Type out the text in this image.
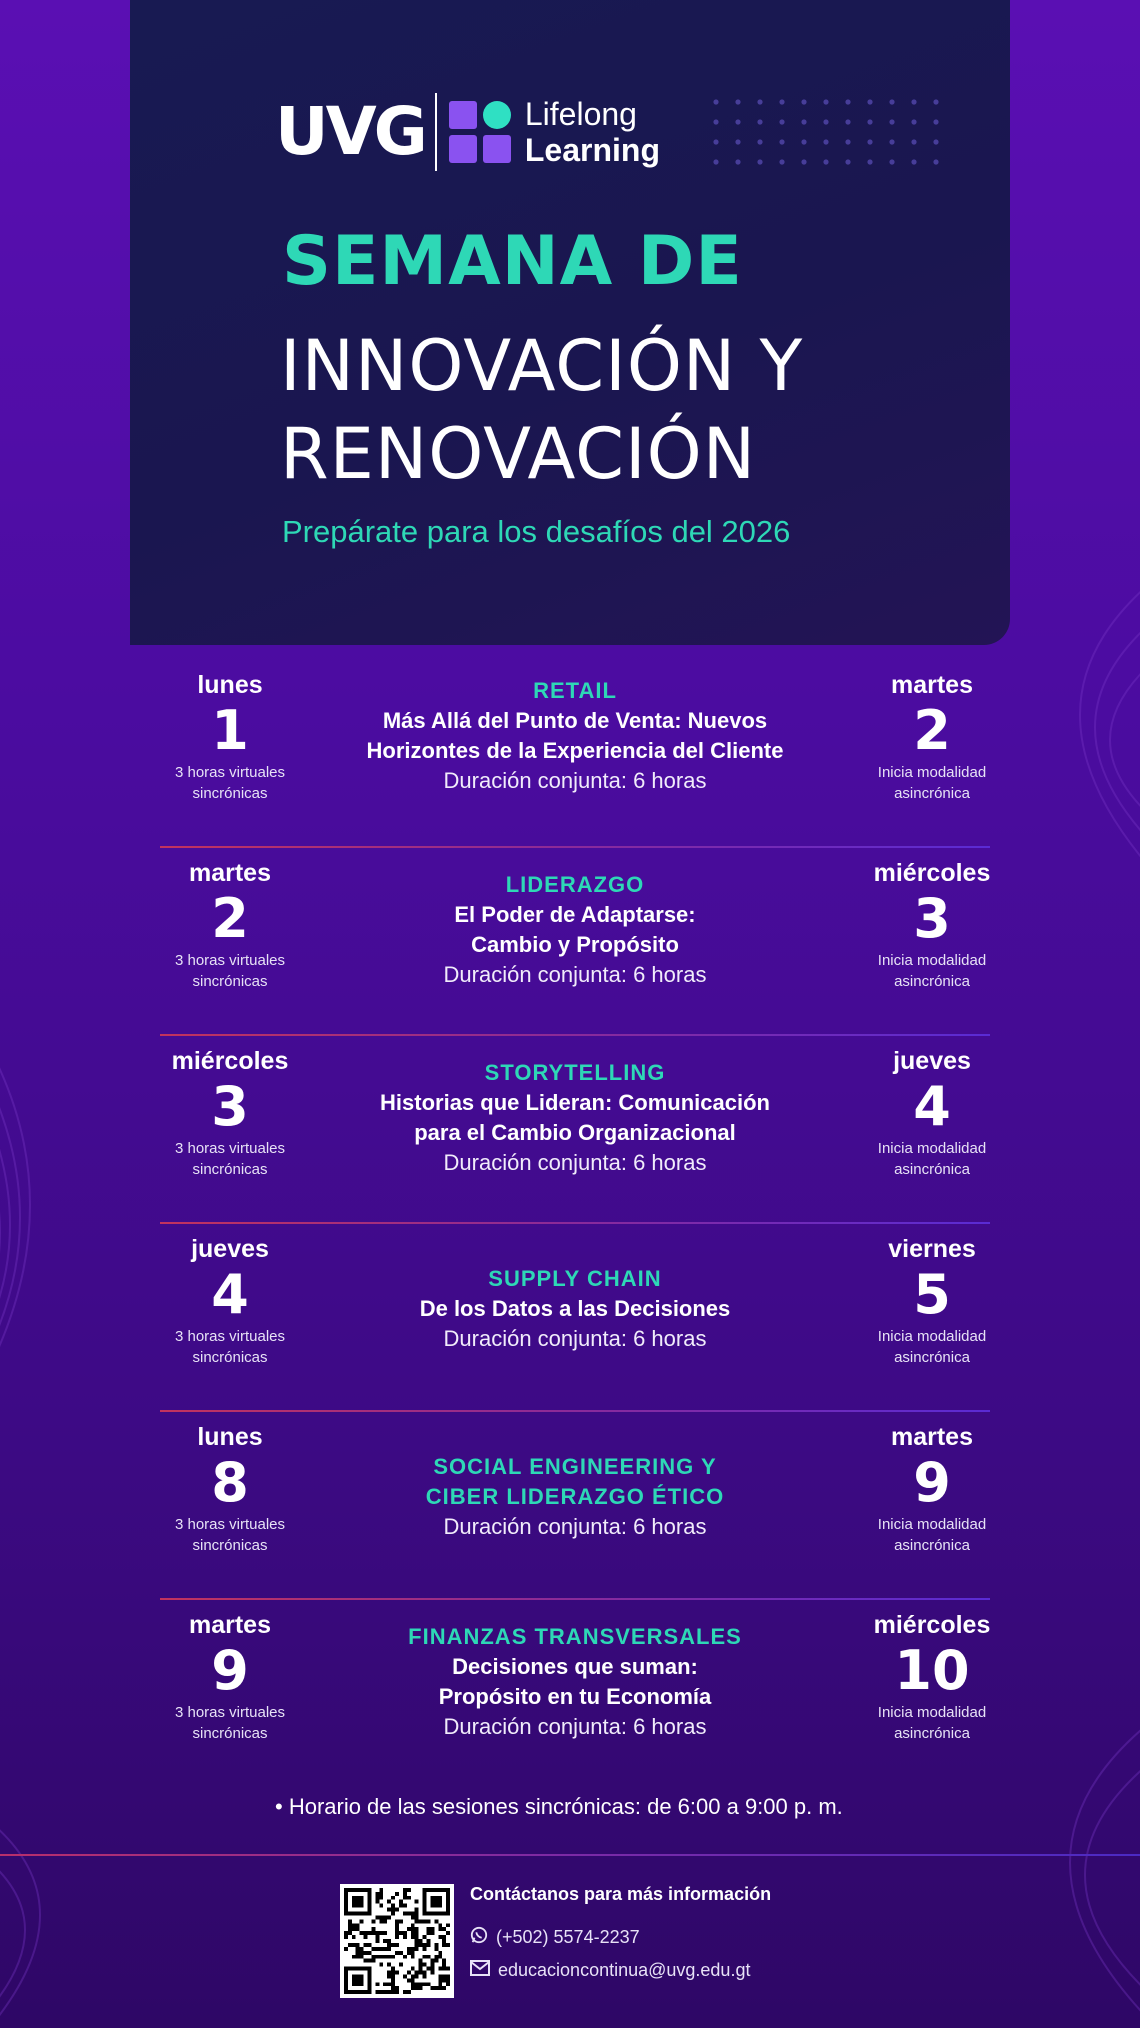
UVG	Lifelong
Learning
SEMANA DE
INNOVACIÓN Y
RENOVACIÓN
Prepárate para los desafíos del 2026
lunes
1
3 horas virtuales
sincrónicas
RETAIL
Más Allá del Punto de Venta: Nuevos
Horizontes de la Experiencia del Cliente
Duración conjunta: 6 horas
martes
2
Inicia modalidad
asincrónica
martes
2
3 horas virtuales
sincrónicas
LIDERAZGO
El Poder de Adaptarse:
Cambio y Propósito
Duración conjunta: 6 horas
miércoles
3
Inicia modalidad
asincrónica
miércoles
3
3 horas virtuales
sincrónicas
STORYTELLING
Historias que Lideran: Comunicación
para el Cambio Organizacional
Duración conjunta: 6 horas
jueves
4
Inicia modalidad
asincrónica
jueves
4
3 horas virtuales
sincrónicas
SUPPLY CHAIN
De los Datos a las Decisiones
Duración conjunta: 6 horas
viernes
5
Inicia modalidad
asincrónica
lunes
8
3 horas virtuales
sincrónicas
SOCIAL ENGINEERING Y
CIBER LIDERAZGO ÉTICO
Duración conjunta: 6 horas
martes
9
Inicia modalidad
asincrónica
martes
9
3 horas virtuales
sincrónicas
FINANZAS TRANSVERSALES
Decisiones que suman:
Propósito en tu Economía
Duración conjunta: 6 horas
miércoles
10
Inicia modalidad
asincrónica
• Horario de las sesiones sincrónicas: de 6:00 a 9:00 p. m.
Contáctanos para más información
(+502) 5574-2237
educacioncontinua@uvg.edu.gt
